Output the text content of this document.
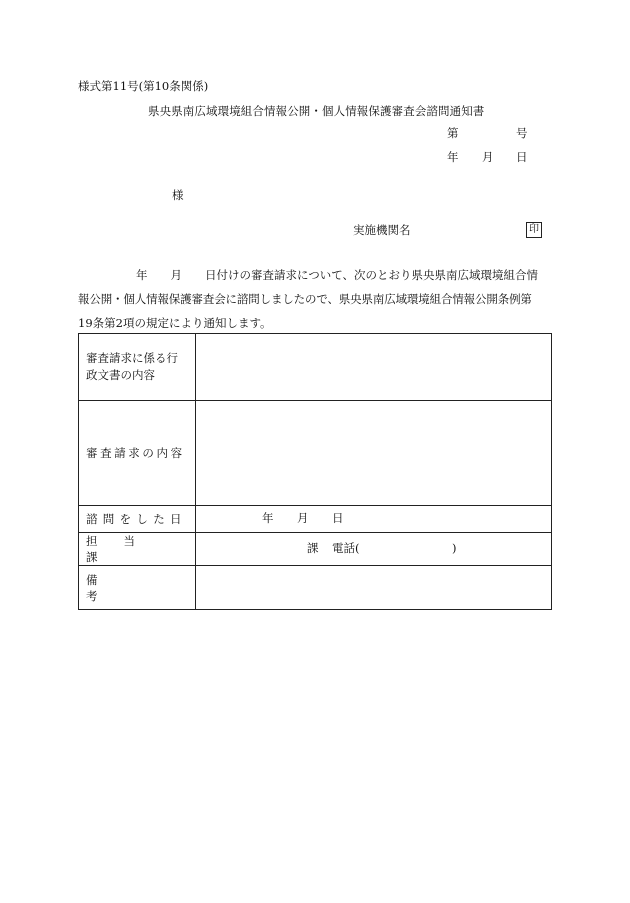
様式第11号(第10条関係)
県央県南広域環境組合情報公開・個人情報保護審査会諮問通知書
第	号
年 月 日
様
実施機関名	印
年 月 日付けの審査請求について、次のとおり県央県南広域環境組合情
報公開・個人情報保護審査会に諮問しましたので、県央県南広域環境組合情報公開条例第
19条第2項の規定により通知します。
審査請求に係る行
政文書の内容	

審査請求の内容	

諮問をした日	年 月 日

担当課	課 電話( )

備考	
